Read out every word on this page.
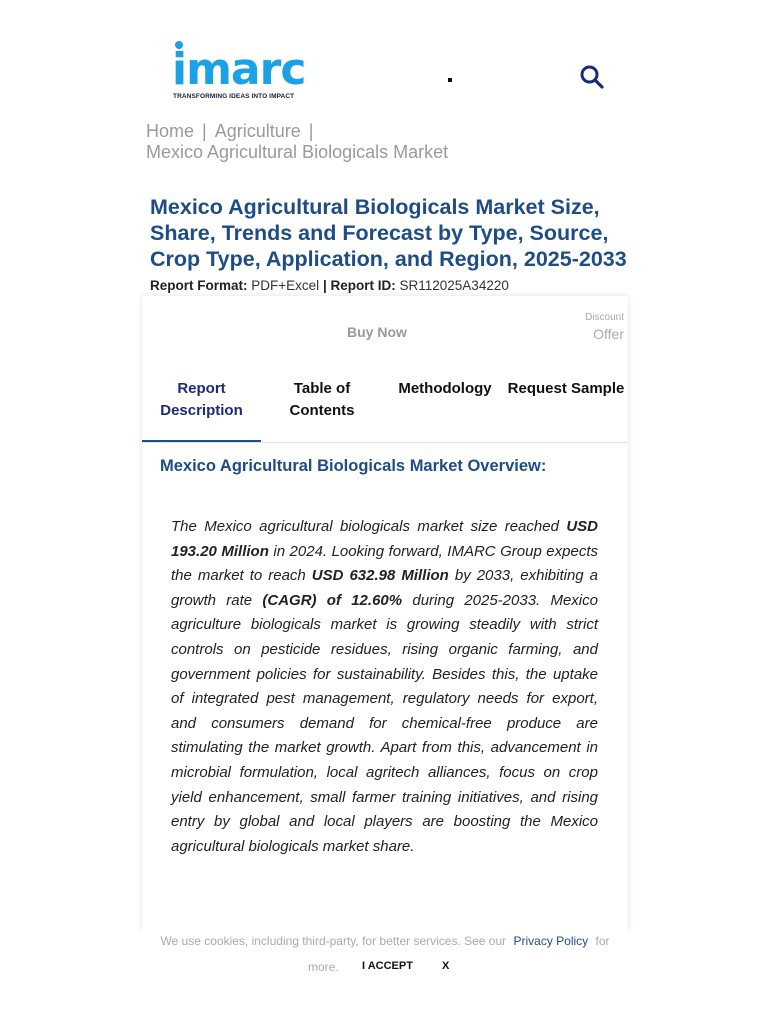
imarc
TRANSFORMING IDEAS INTO IMPACT
Home | Agriculture |
Mexico Agricultural Biologicals Market
Mexico Agricultural Biologicals Market Size, Share, Trends and Forecast by Type, Source, Crop Type, Application, and Region, 2025-2033
Report Format: PDF+Excel | Report ID: SR112025A34220
Buy Now
Discount
Offer
Report
Description
Table of
Contents
Methodology	Request Sample
Mexico Agricultural Biologicals Market Overview:

The Mexico agricultural biologicals market size reached USD 193.20 Million in 2024. Looking forward, IMARC Group expects the market to reach USD 632.98 Million by 2033, exhibiting a growth rate (CAGR) of 12.60% during 2025-2033. Mexico agriculture biologicals market is growing steadily with strict controls on pesticide residues, rising organic farming, and government policies for sustainability. Besides this, the uptake of integrated pest management, regulatory needs for export, and consumers demand for chemical-free produce are stimulating the market growth. Apart from this, advancement in microbial formulation, local agritech alliances, focus on crop yield enhancement, small farmer training initiatives, and rising entry by global and local players are boosting the Mexico agricultural biologicals market share.

We use cookies, including third-party, for better services. See our Privacy Policy for
more. I ACCEPT	X
